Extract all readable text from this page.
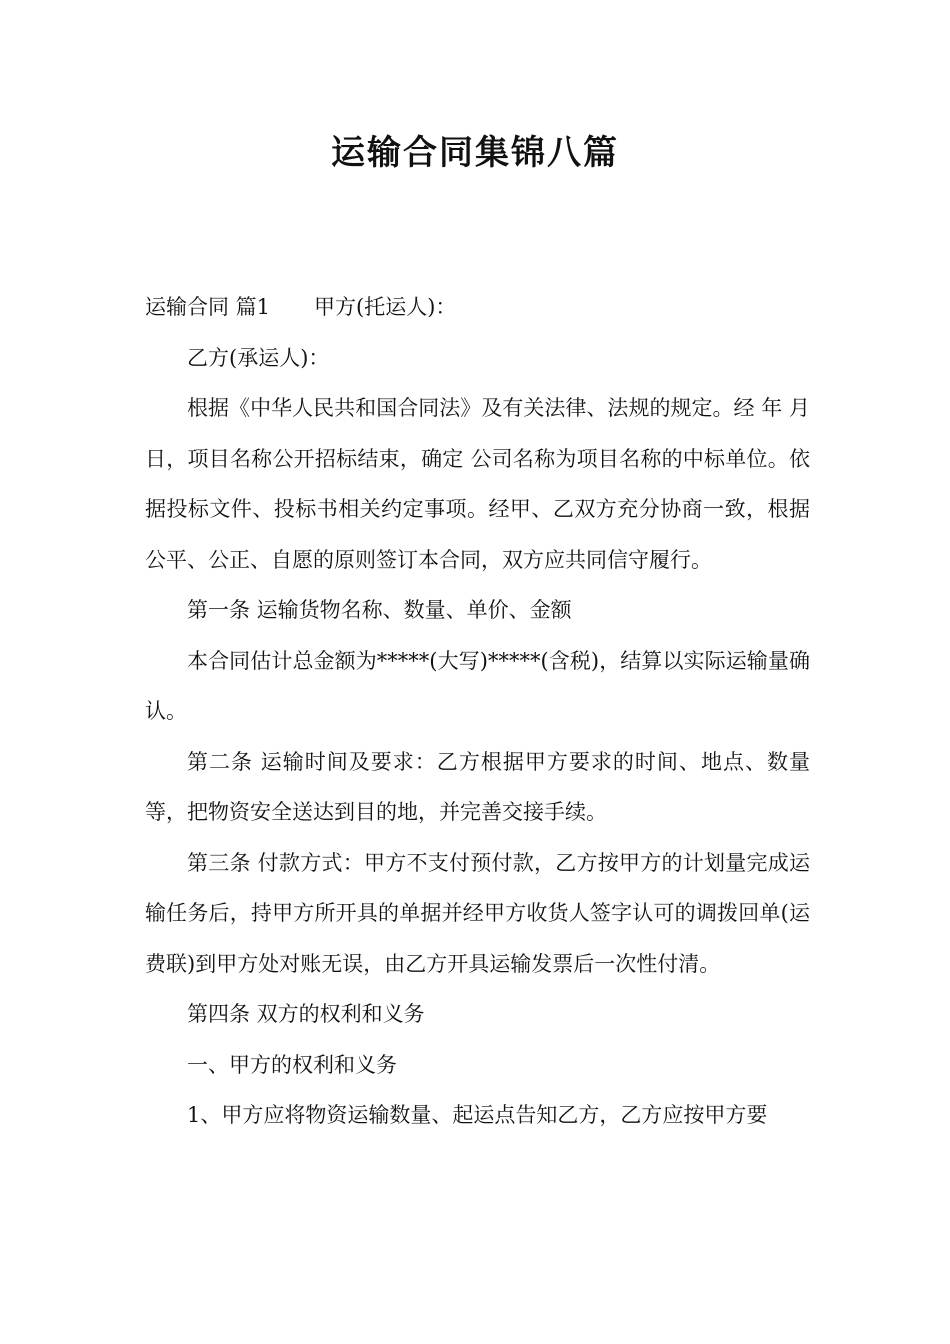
运输合同集锦八篇

运输合同 篇1 甲方(托运人)：

乙方(承运人)：

根据《中华人民共和国合同法》及有关法律、法规的规定。经 年 月 日，项目名称公开招标结束，确定 公司名称为项目名称的中标单位。依据投标文件、投标书相关约定事项。经甲、乙双方充分协商一致，根据公平、公正、自愿的原则签订本合同，双方应共同信守履行。

第一条 运输货物名称、数量、单价、金额

本合同估计总金额为*****(大写)*****(含税)，结算以实际运输量确认。

第二条 运输时间及要求：乙方根据甲方要求的时间、地点、数量等，把物资安全送达到目的地，并完善交接手续。

第三条 付款方式：甲方不支付预付款，乙方按甲方的计划量完成运输任务后，持甲方所开具的单据并经甲方收货人签字认可的调拨回单(运费联)到甲方处对账无误，由乙方开具运输发票后一次性付清。

第四条 双方的权利和义务

一、甲方的权利和义务

1、甲方应将物资运输数量、起运点告知乙方，乙方应按甲方要
